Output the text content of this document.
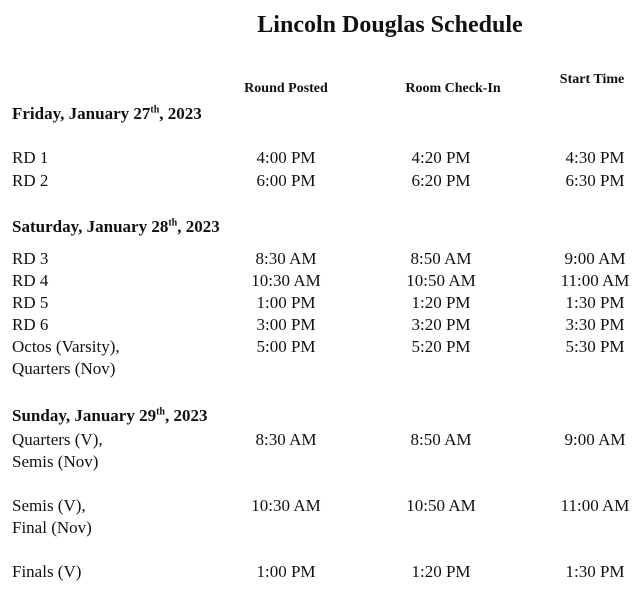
Lincoln Douglas Schedule
Round Posted	Room Check-In
Start Time
Friday, January 27th, 2023
RD 1	4:00 PM	4:20 PM	4:30 PM
RD 2	6:00 PM	6:20 PM	6:30 PM
Saturday, January 28th, 2023
RD 3	8:30 AM	8:50 AM	9:00 AM
RD 4	10:30 AM	10:50 AM	11:00 AM
RD 5	1:00 PM	1:20 PM	1:30 PM
RD 6	3:00 PM	3:20 PM	3:30 PM
Octos (Varsity),
Quarters (Nov)
5:00 PM	5:20 PM	5:30 PM
Sunday, January 29th, 2023
Quarters (V),
Semis (Nov)
8:30 AM	8:50 AM	9:00 AM
Semis (V),
Final (Nov)
10:30 AM	10:50 AM	11:00 AM
Finals (V)	1:00 PM	1:20 PM	1:30 PM
